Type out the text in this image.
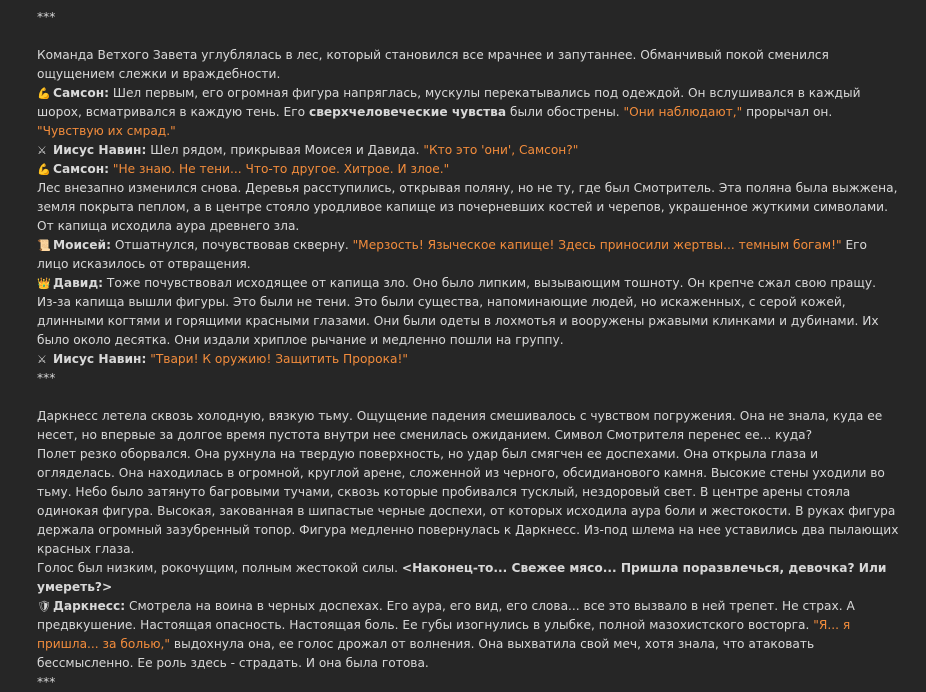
***
Команда Ветхого Завета углублялась в лес, который становился все мрачнее и запутаннее. Обманчивый покой сменился ощущением слежки и враждебности.
💪 Самсон: Шел первым, его огромная фигура напряглась, мускулы перекатывались под одеждой. Он вслушивался в каждый шорох, всматривался в каждую тень. Его сверхчеловеческие чувства были обострены. "Они наблюдают," прорычал он. "Чувствую их смрад."
⚔ Иисус Навин: Шел рядом, прикрывая Моисея и Давида. "Кто это 'они', Самсон?"
💪 Самсон: "Не знаю. Не тени... Что-то другое. Хитрое. И злое."
Лес внезапно изменился снова. Деревья расступились, открывая поляну, но не ту, где был Смотритель. Эта поляна была выжжена, земля покрыта пеплом, а в центре стояло уродливое капище из почерневших костей и черепов, украшенное жуткими символами. От капища исходила аура древнего зла.
📜 Моисей: Отшатнулся, почувствовав скверну. "Мерзость! Языческое капище! Здесь приносили жертвы... темным богам!" Его лицо исказилось от отвращения.
👑 Давид: Тоже почувствовал исходящее от капища зло. Оно было липким, вызывающим тошноту. Он крепче сжал свою пращу.
Из-за капища вышли фигуры. Это были не тени. Это были существа, напоминающие людей, но искаженных, с серой кожей, длинными когтями и горящими красными глазами. Они были одеты в лохмотья и вооружены ржавыми клинками и дубинами. Их было около десятка. Они издали хриплое рычание и медленно пошли на группу.
⚔ Иисус Навин: "Твари! К оружию! Защитить Пророка!"
***
Даркнесс летела сквозь холодную, вязкую тьму. Ощущение падения смешивалось с чувством погружения. Она не знала, куда ее несет, но впервые за долгое время пустота внутри нее сменилась ожиданием. Символ Смотрителя перенес ее... куда?
Полет резко оборвался. Она рухнула на твердую поверхность, но удар был смягчен ее доспехами. Она открыла глаза и огляделась. Она находилась в огромной, круглой арене, сложенной из черного, обсидианового камня. Высокие стены уходили во тьму. Небо было затянуто багровыми тучами, сквозь которые пробивался тусклый, нездоровый свет. В центре арены стояла одинокая фигура. Высокая, закованная в шипастые черные доспехи, от которых исходила аура боли и жестокости. В руках фигура держала огромный зазубренный топор. Фигура медленно повернулась к Даркнесс. Из-под шлема на нее уставились два пылающих красных глаза.
Голос был низким, рокочущим, полным жестокой силы. <Наконец-то... Свежее мясо... Пришла поразвлечься, девочка? Или умереть?>
🛡 Даркнесс: Смотрела на воина в черных доспехах. Его аура, его вид, его слова... все это вызвало в ней трепет. Не страх. А предвкушение. Настоящая опасность. Настоящая боль. Ее губы изогнулись в улыбке, полной мазохистского восторга. "Я... я пришла... за болью," выдохнула она, ее голос дрожал от волнения. Она выхватила свой меч, хотя знала, что атаковать бессмысленно. Ее роль здесь - страдать. И она была готова.
***
